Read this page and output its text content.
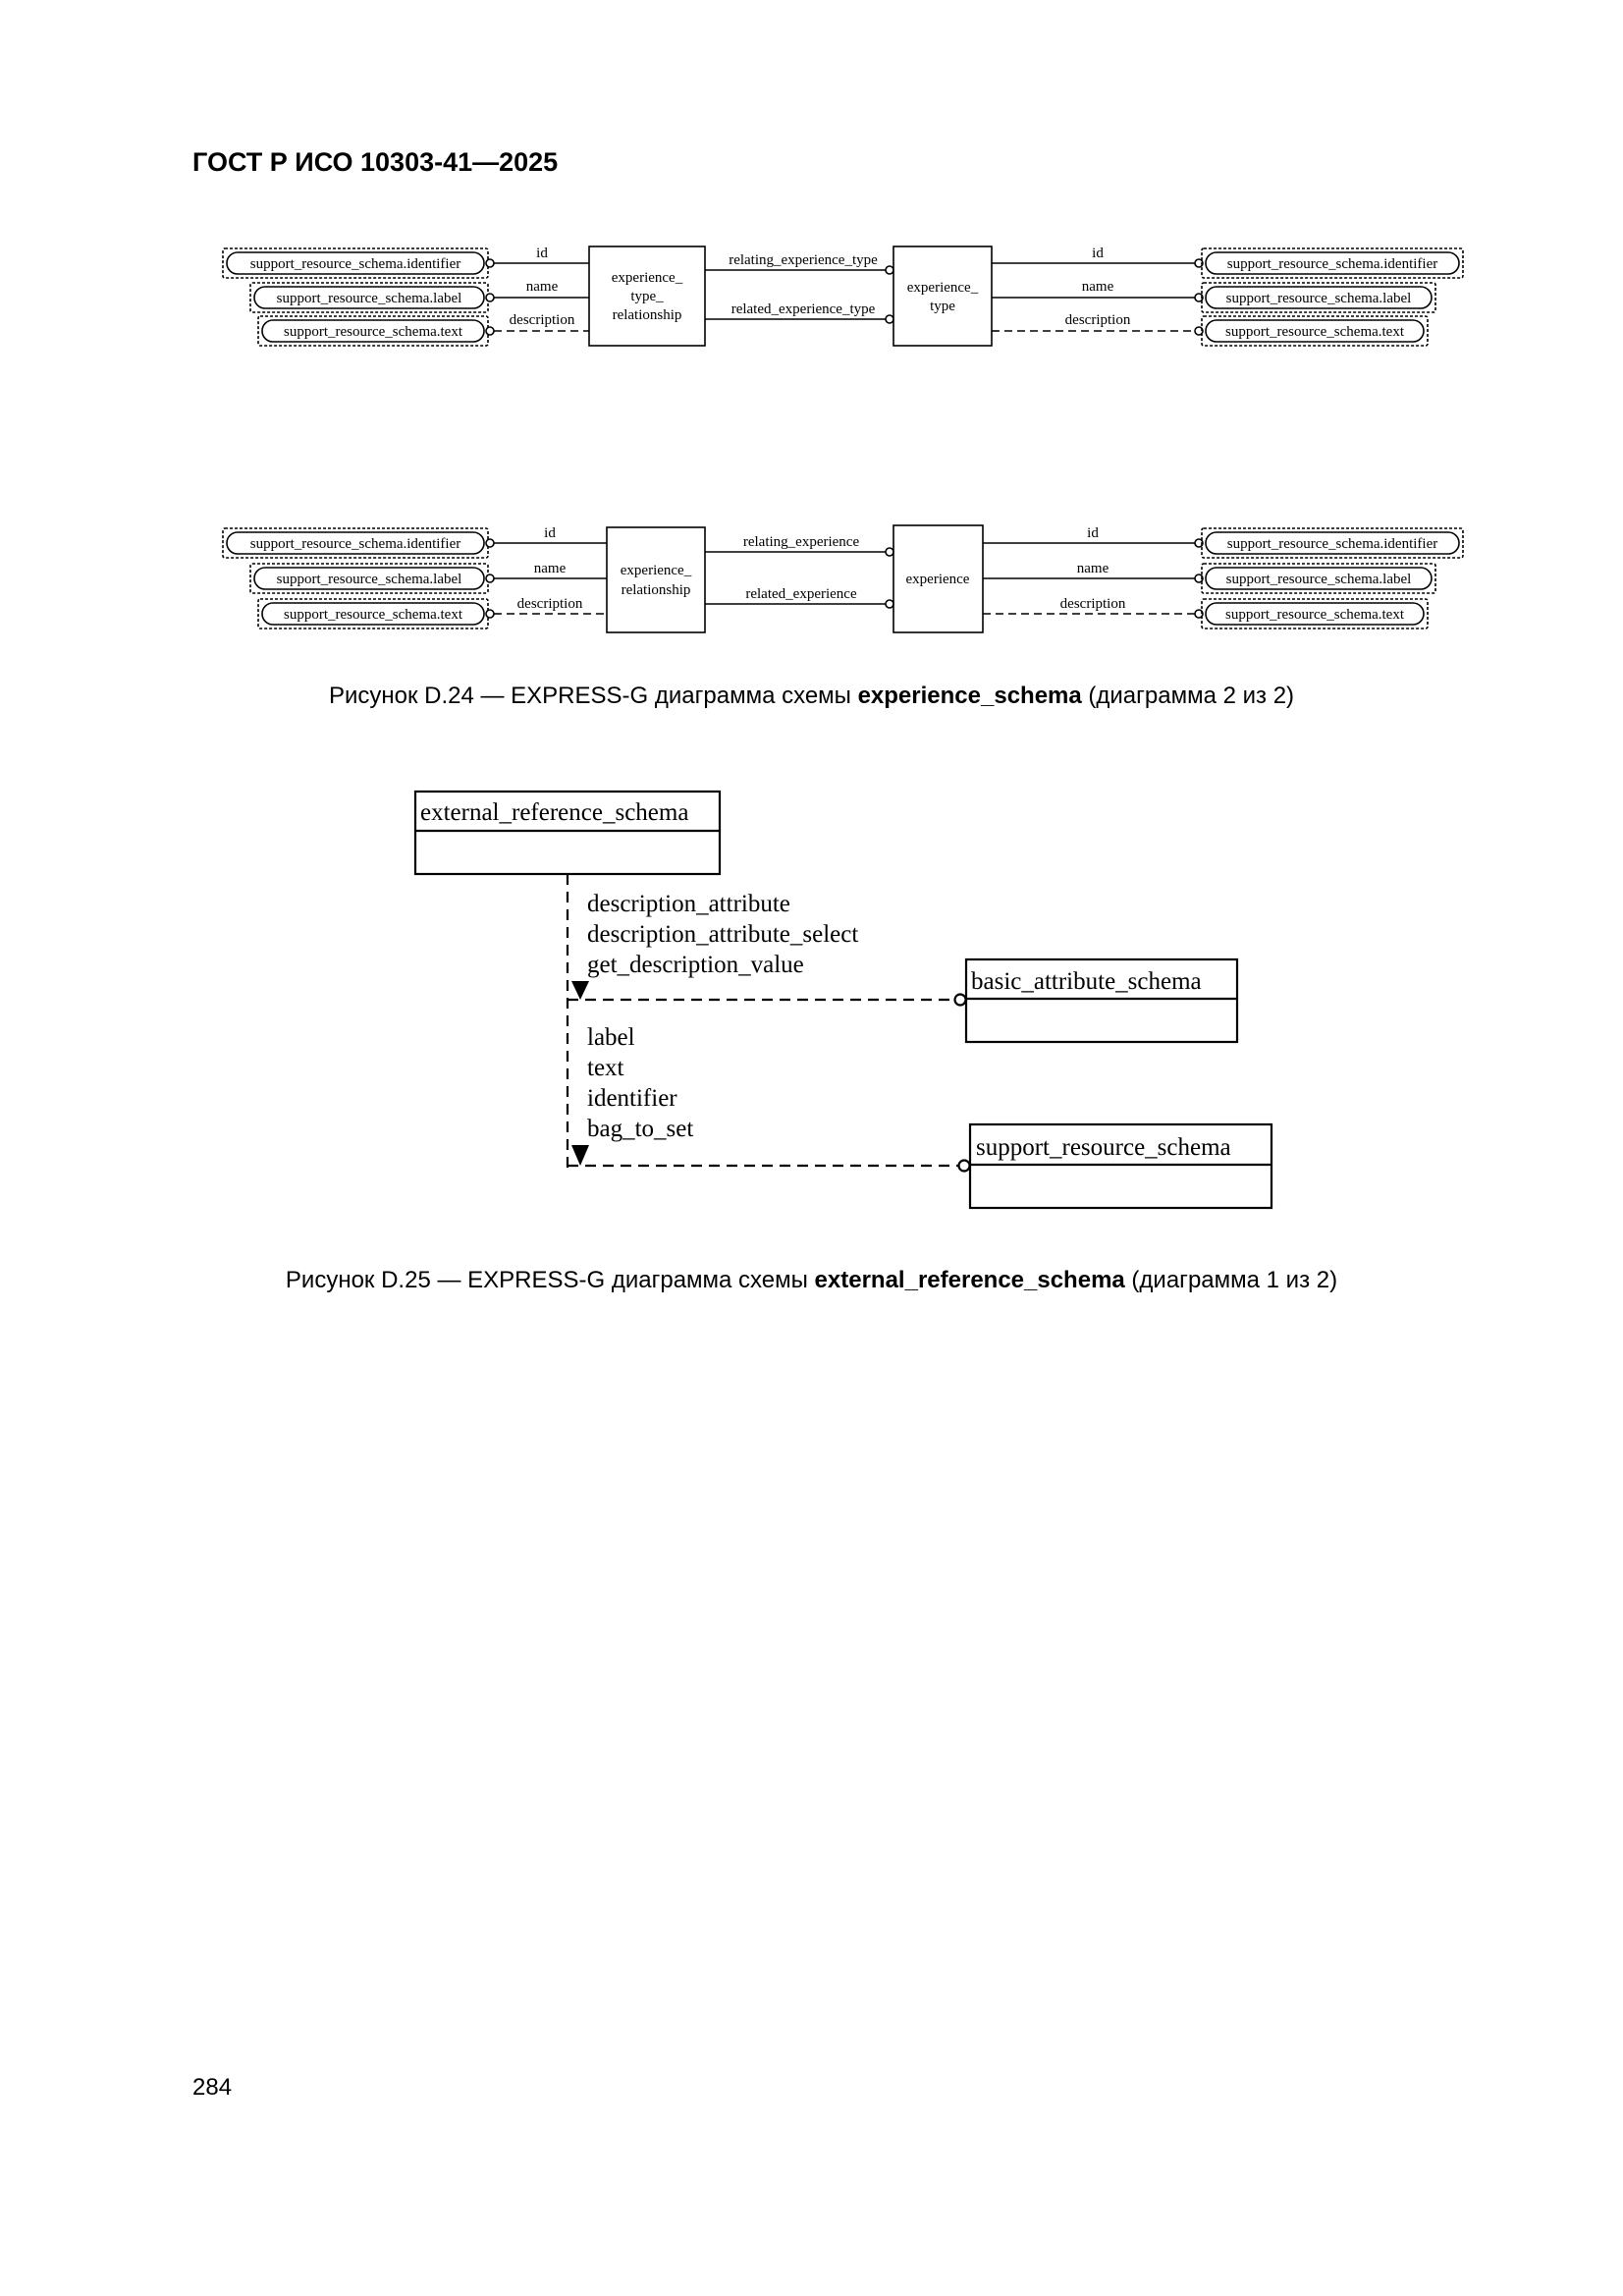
ГОСТ Р ИСО 10303-41—2025
support_resource_schema.identifier
support_resource_schema.label
support_resource_schema.text
id
name
description
experience_
type_
relationship
relating_experience_type
related_experience_type
experience_
type
id
name
description
support_resource_schema.identifier
support_resource_schema.label
support_resource_schema.text
support_resource_schema.identifier
support_resource_schema.label
support_resource_schema.text
id
name
description
experience_
relationship
relating_experience
related_experience
experience
id
name
description
support_resource_schema.identifier
support_resource_schema.label
support_resource_schema.text
external_reference_schema
description_attribute
description_attribute_select
get_description_value
basic_attribute_schema
label
text
identifier
bag_to_set
support_resource_schema
Рисунок D.24 — EXPRESS-G диаграмма схемы experience_schema (диаграмма 2 из 2)
Рисунок D.25 — EXPRESS-G диаграмма схемы external_reference_schema (диаграмма 1 из 2)
284
